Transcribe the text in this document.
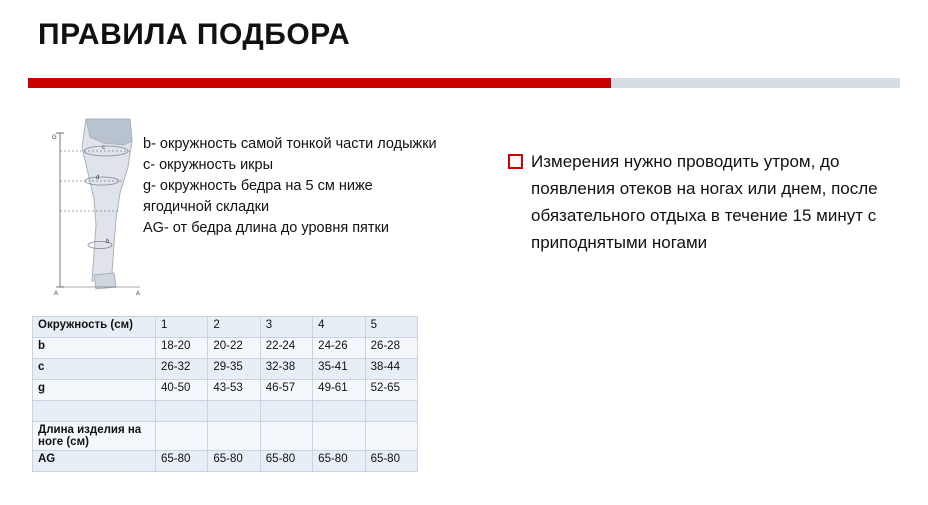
ПРАВИЛА ПОДБОРА
G
c
d
b
A	A
b- окружность самой тонкой части лодыжки
c- окружность икры
g- окружность бедра на 5 см ниже ягодичной складки
AG- от бедра длина до уровня пятки
Измерения нужно проводить утром, до появления отеков на ногах или днем, после обязательного отдыха в течение 15 минут с приподнятыми ногами
Окружность (см)	1	2	3	4	5
b	18-20	20-22	22-24	24-26	26-28
c	26-32	29-35	32-38	35-41	38-44
g	40-50	43-53	46-57	49-61	52-65

Длина изделия на ноге (см)					
AG	65-80	65-80	65-80	65-80	65-80
